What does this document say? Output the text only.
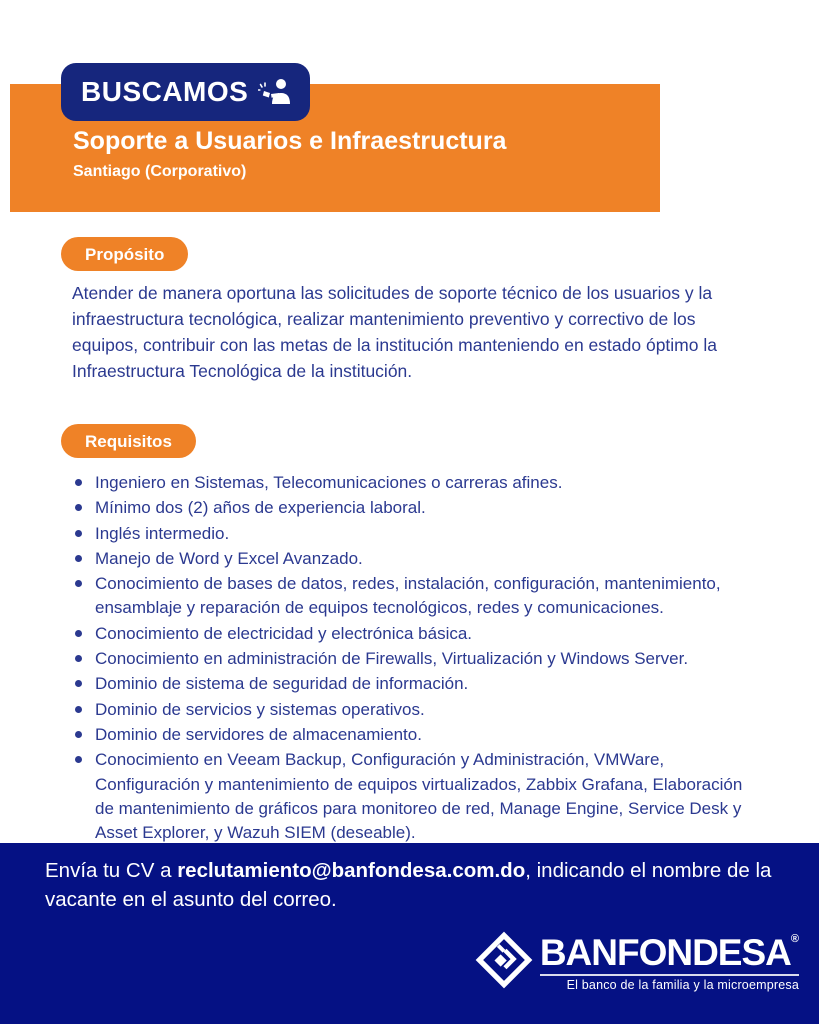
BUSCAMOS
Soporte a Usuarios e Infraestructura
Santiago (Corporativo)
Propósito
Atender de manera oportuna las solicitudes de soporte técnico de los usuarios y la infraestructura tecnológica, realizar mantenimiento preventivo y correctivo de los equipos, contribuir con las metas de la institución manteniendo en estado óptimo la Infraestructura Tecnológica de la institución.
Requisitos
Ingeniero en Sistemas, Telecomunicaciones o carreras afines.
Mínimo dos (2) años de experiencia laboral.
Inglés intermedio.
Manejo de Word y Excel Avanzado.
Conocimiento de bases de datos, redes, instalación, configuración, mantenimiento, ensamblaje y reparación de equipos tecnológicos, redes y comunicaciones.
Conocimiento de electricidad y electrónica básica.
Conocimiento en administración de Firewalls, Virtualización y Windows Server.
Dominio de sistema de seguridad de información.
Dominio de servicios y sistemas operativos.
Dominio de servidores de almacenamiento.
Conocimiento en Veeam Backup, Configuración y Administración, VMWare, Configuración y mantenimiento de equipos virtualizados, Zabbix Grafana, Elaboración de mantenimiento de gráficos para monitoreo de red, Manage Engine, Service Desk y Asset Explorer, y Wazuh SIEM (deseable).
Envía tu CV a reclutamiento@banfondesa.com.do, indicando el nombre de la vacante en el asunto del correo.
BANFONDESA®
El banco de la familia y la microempresa
